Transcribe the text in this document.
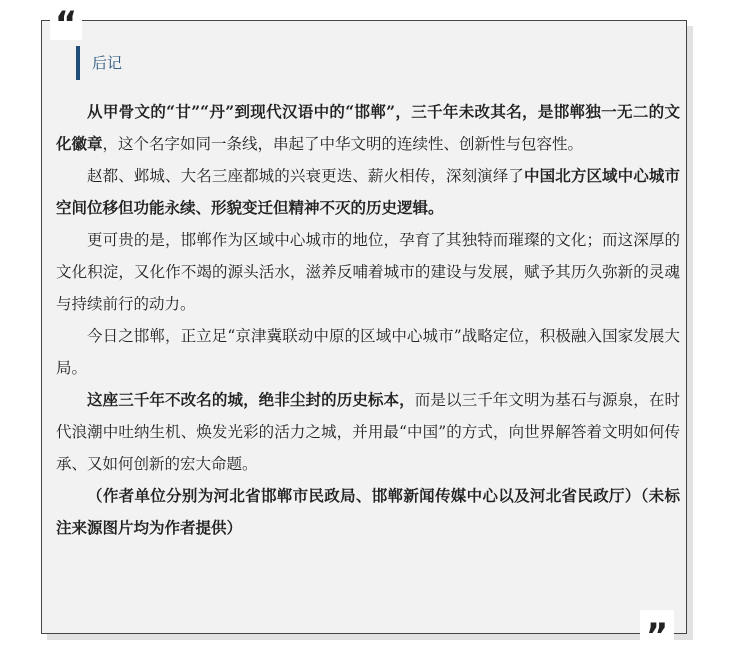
“
”
后记

从甲骨文的“甘”“丹”到现代汉语中的“邯郸”，三千年未改其名，是邯郸独一无二的文化徽章，这个名字如同一条线，串起了中华文明的连续性、创新性与包容性。

赵都、邺城、大名三座都城的兴衰更迭、薪火相传，深刻演绎了中国北方区域中心城市空间位移但功能永续、形貌变迁但精神不灭的历史逻辑。

更可贵的是，邯郸作为区域中心城市的地位，孕育了其独特而璀璨的文化；而这深厚的文化积淀，又化作不竭的源头活水，滋养反哺着城市的建设与发展，赋予其历久弥新的灵魂与持续前行的动力。

今日之邯郸，正立足“京津冀联动中原的区域中心城市”战略定位，积极融入国家发展大局。

这座三千年不改名的城，绝非尘封的历史标本，而是以三千年文明为基石与源泉，在时代浪潮中吐纳生机、焕发光彩的活力之城，并用最“中国”的方式，向世界解答着文明如何传承、又如何创新的宏大命题。

（作者单位分别为河北省邯郸市民政局、邯郸新闻传媒中心以及河北省民政厅）（未标注来源图片均为作者提供）
